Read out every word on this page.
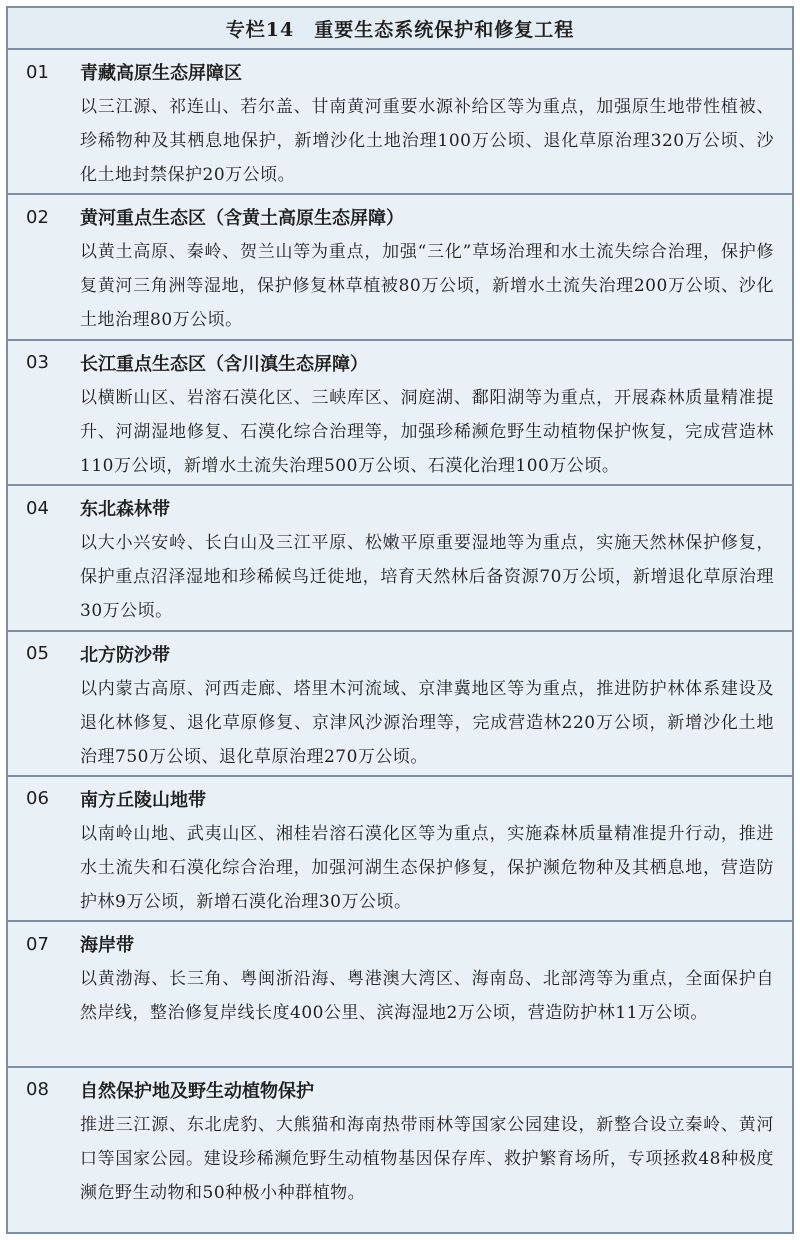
专栏14　重要生态系统保护和修复工程
01	青藏高原生态屏障区
以三江源、祁连山、若尔盖、甘南黄河重要水源补给区等为重点，加强原生地带性植被、珍稀物种及其栖息地保护，新增沙化土地治理100万公顷、退化草原治理320万公顷、沙化土地封禁保护20万公顷。
02	黄河重点生态区（含黄土高原生态屏障）
以黄土高原、秦岭、贺兰山等为重点，加强“三化”草场治理和水土流失综合治理，保护修复黄河三角洲等湿地，保护修复林草植被80万公顷，新增水土流失治理200万公顷、沙化土地治理80万公顷。
03	长江重点生态区（含川滇生态屏障）
以横断山区、岩溶石漠化区、三峡库区、洞庭湖、鄱阳湖等为重点，开展森林质量精准提升、河湖湿地修复、石漠化综合治理等，加强珍稀濒危野生动植物保护恢复，完成营造林110万公顷，新增水土流失治理500万公顷、石漠化治理100万公顷。
04	东北森林带
以大小兴安岭、长白山及三江平原、松嫩平原重要湿地等为重点，实施天然林保护修复，保护重点沼泽湿地和珍稀候鸟迁徙地，培育天然林后备资源70万公顷，新增退化草原治理30万公顷。
05	北方防沙带
以内蒙古高原、河西走廊、塔里木河流域、京津冀地区等为重点，推进防护林体系建设及退化林修复、退化草原修复、京津风沙源治理等，完成营造林220万公顷，新增沙化土地治理750万公顷、退化草原治理270万公顷。
06	南方丘陵山地带
以南岭山地、武夷山区、湘桂岩溶石漠化区等为重点，实施森林质量精准提升行动，推进水土流失和石漠化综合治理，加强河湖生态保护修复，保护濒危物种及其栖息地，营造防护林9万公顷，新增石漠化治理30万公顷。
07	海岸带
以黄渤海、长三角、粤闽浙沿海、粤港澳大湾区、海南岛、北部湾等为重点，全面保护自然岸线，整治修复岸线长度400公里、滨海湿地2万公顷，营造防护林11万公顷。
08	自然保护地及野生动植物保护
推进三江源、东北虎豹、大熊猫和海南热带雨林等国家公园建设，新整合设立秦岭、黄河口等国家公园。建设珍稀濒危野生动植物基因保存库、救护繁育场所，专项拯救48种极度濒危野生动物和50种极小种群植物。
